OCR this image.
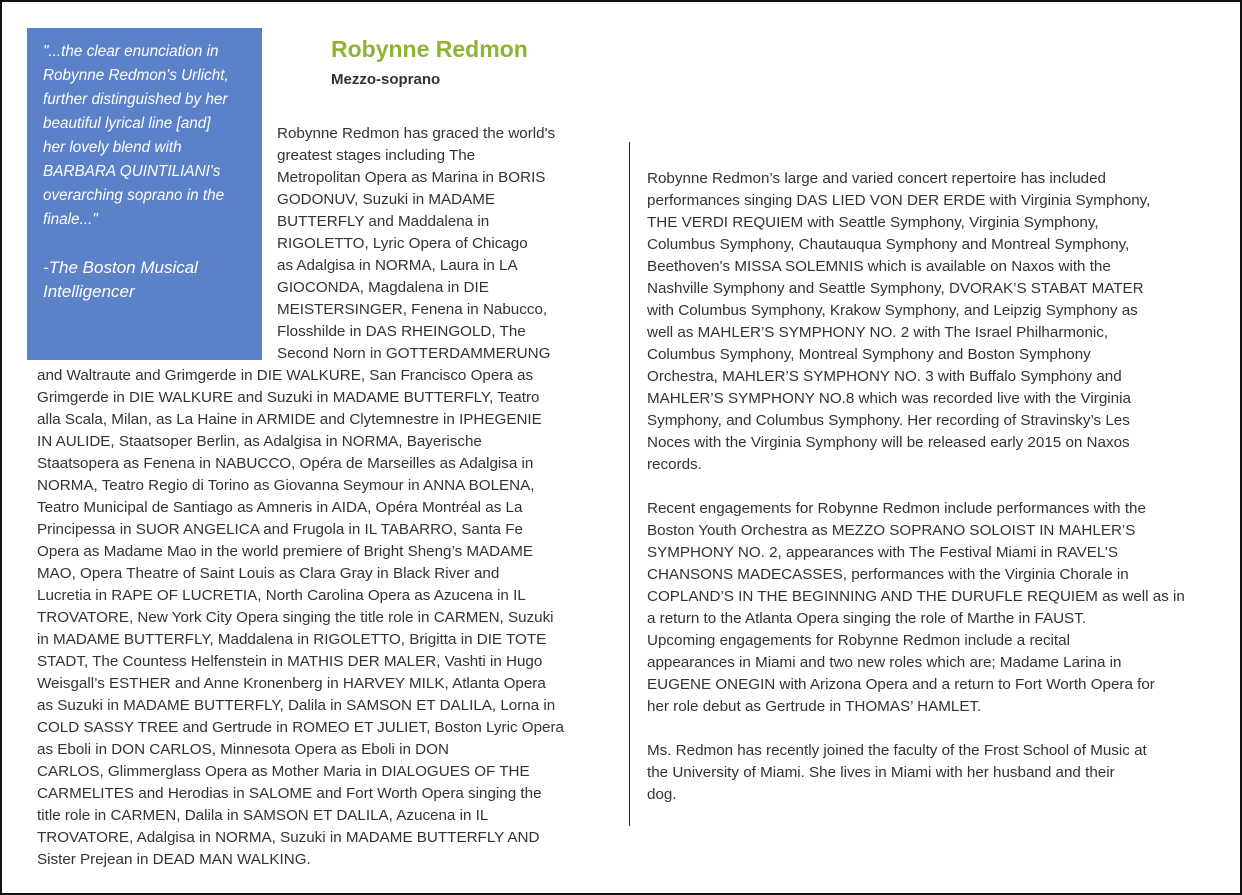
"...the clear enunciation in
Robynne Redmon's Urlicht,
further distinguished by her
beautiful lyrical line [and]
her lovely blend with
BARBARA QUINTILIANI's
overarching soprano in the
finale..."
-The Boston Musical
Intelligencer
Robynne Redmon
Mezzo-soprano
Robynne Redmon has graced the world's
greatest stages including The
Metropolitan Opera as Marina in BORIS
GODONUV, Suzuki in MADAME
BUTTERFLY and Maddalena in
RIGOLETTO, Lyric Opera of Chicago
as Adalgisa in NORMA, Laura in LA
GIOCONDA, Magdalena in DIE
MEISTERSINGER, Fenena in Nabucco,
Flosshilde in DAS RHEINGOLD, The
Second Norn in GOTTERDAMMERUNG
and Waltraute and Grimgerde in DIE WALKURE, San Francisco Opera as
Grimgerde in DIE WALKURE and Suzuki in MADAME BUTTERFLY, Teatro
alla Scala, Milan, as La Haine in ARMIDE and Clytemnestre in IPHEGENIE
IN AULIDE, Staatsoper Berlin, as Adalgisa in NORMA, Bayerische
Staatsopera as Fenena in NABUCCO, Opéra de Marseilles as Adalgisa in
NORMA, Teatro Regio di Torino as Giovanna Seymour in ANNA BOLENA,
Teatro Municipal de Santiago as Amneris in AIDA, Opéra Montréal as La
Principessa in SUOR ANGELICA and Frugola in IL TABARRO, Santa Fe
Opera as Madame Mao in the world premiere of Bright Sheng’s MADAME
MAO, Opera Theatre of Saint Louis as Clara Gray in Black River and
Lucretia in RAPE OF LUCRETIA, North Carolina Opera as Azucena in IL
TROVATORE, New York City Opera singing the title role in CARMEN, Suzuki
in MADAME BUTTERFLY, Maddalena in RIGOLETTO, Brigitta in DIE TOTE
STADT, The Countess Helfenstein in MATHIS DER MALER, Vashti in Hugo
Weisgall’s ESTHER and Anne Kronenberg in HARVEY MILK, Atlanta Opera
as Suzuki in MADAME BUTTERFLY, Dalila in SAMSON ET DALILA, Lorna in
COLD SASSY TREE and Gertrude in ROMEO ET JULIET, Boston Lyric Opera
as Eboli in DON CARLOS, Minnesota Opera as Eboli in DON
CARLOS, Glimmerglass Opera as Mother Maria in DIALOGUES OF THE
CARMELITES and Herodias in SALOME and Fort Worth Opera singing the
title role in CARMEN, Dalila in SAMSON ET DALILA, Azucena in IL
TROVATORE, Adalgisa in NORMA, Suzuki in MADAME BUTTERFLY AND
Sister Prejean in DEAD MAN WALKING.
Robynne Redmon’s large and varied concert repertoire has included
performances singing DAS LIED VON DER ERDE with Virginia Symphony,
THE VERDI REQUIEM with Seattle Symphony, Virginia Symphony,
Columbus Symphony, Chautauqua Symphony and Montreal Symphony,
Beethoven's MISSA SOLEMNIS which is available on Naxos with the
Nashville Symphony and Seattle Symphony, DVORAK’S STABAT MATER
with Columbus Symphony, Krakow Symphony, and Leipzig Symphony as
well as MAHLER’S SYMPHONY NO. 2 with The Israel Philharmonic,
Columbus Symphony, Montreal Symphony and Boston Symphony
Orchestra, MAHLER’S SYMPHONY NO. 3 with Buffalo Symphony and
MAHLER’S SYMPHONY NO.8 which was recorded live with the Virginia
Symphony, and Columbus Symphony. Her recording of Stravinsky’s Les
Noces with the Virginia Symphony will be released early 2015 on Naxos
records.
Recent engagements for Robynne Redmon include performances with the
Boston Youth Orchestra as MEZZO SOPRANO SOLOIST IN MAHLER’S
SYMPHONY NO. 2, appearances with The Festival Miami in RAVEL’S
CHANSONS MADECASSES, performances with the Virginia Chorale in
COPLAND’S IN THE BEGINNING AND THE DURUFLE REQUIEM as well as in
a return to the Atlanta Opera singing the role of Marthe in FAUST.
Upcoming engagements for Robynne Redmon include a recital
appearances in Miami and two new roles which are; Madame Larina in
EUGENE ONEGIN with Arizona Opera and a return to Fort Worth Opera for
her role debut as Gertrude in THOMAS’ HAMLET.
Ms. Redmon has recently joined the faculty of the Frost School of Music at
the University of Miami. She lives in Miami with her husband and their
dog.
